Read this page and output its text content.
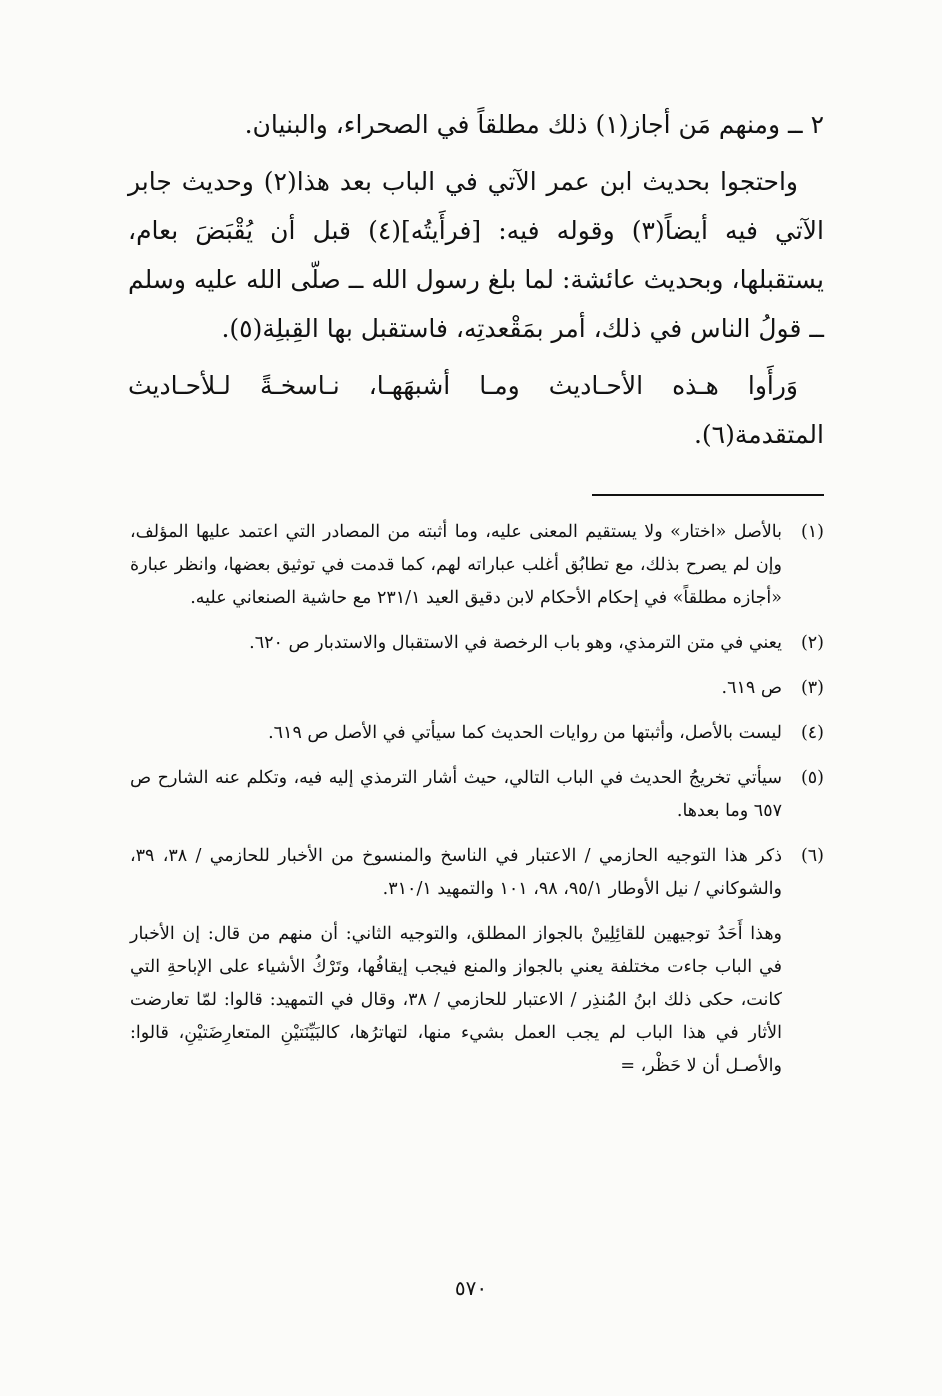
٢ ــ ومنهم مَن أجاز(١) ذلك مطلقاً في الصحراء، والبنيان.

واحتجوا بحديث ابن عمر الآتي في الباب بعد هذا(٢) وحديث جابر الآتي فيه أيضاً(٣) وقوله فيه: [فرأَيتُه](٤) قبل أن يُقْبَضَ بعام، يستقبلها، وبحديث عائشة: لما بلغ رسول الله ــ صلّى الله عليه وسلم ــ قولُ الناس في ذلك، أمر بمَقْعدتِه، فاستقبل بها القِبلِة(٥).

وَرأَوا هـذه الأحـاديث ومـا أشبهَهـا، نـاسخـةً لـلأحـاديث المتقدمة(٦).

(١)
بالأصل «اختار» ولا يستقيم المعنى عليه، وما أثبته من المصادر التي اعتمد عليها المؤلف، وإن لم يصرح بذلك، مع تطابُق أغلب عباراته لهم، كما قدمت في توثيق بعضها، وانظر عبارة «أجازه مطلقاً» في إحكام الأحكام لابن دقيق العيد ٢٣١/١ مع حاشية الصنعاني عليه.
(٢)
يعني في متن الترمذي، وهو باب الرخصة في الاستقبال والاستدبار ص ٦٢٠.
(٣)
ص ٦١٩.
(٤)
ليست بالأصل، وأثبتها من روايات الحديث كما سيأتي في الأصل ص ٦١٩.
(٥)
سيأتي تخريجُ الحديث في الباب التالي، حيث أشار الترمذي إليه فيه، وتكلم عنه الشارح ص ٦٥٧ وما بعدها.
(٦)
ذكر هذا التوجيه الحازمي / الاعتبار في الناسخ والمنسوخ من الأخبار للحازمي / ٣٨، ٣٩، والشوكاني / نيل الأوطار ٩٥/١، ٩٨، ١٠١ والتمهيد ٣١٠/١.

وهذا أَحَدُ توجيهين للقائِلِينْ بالجواز المطلق، والتوجيه الثاني: أن منهم من قال: إن الأخبار في الباب جاءت مختلفة يعني بالجواز والمنع فيجب إيقافُها، وتَرْكُ الأشياء على الإباحةِ التي كانت، حكى ذلك ابنُ المُنذِر / الاعتبار للحازمي / ٣٨، وقال في التمهيد: قالوا: لمّا تعارضت الأثار في هذا الباب لم يجب العمل بشيء منها، لتهاترُها، كالبَيِّنَتيْنِ المتعارِضَتيْنِ، قالوا: والأصـل أن لا حَظْر، =

٥٧٠
